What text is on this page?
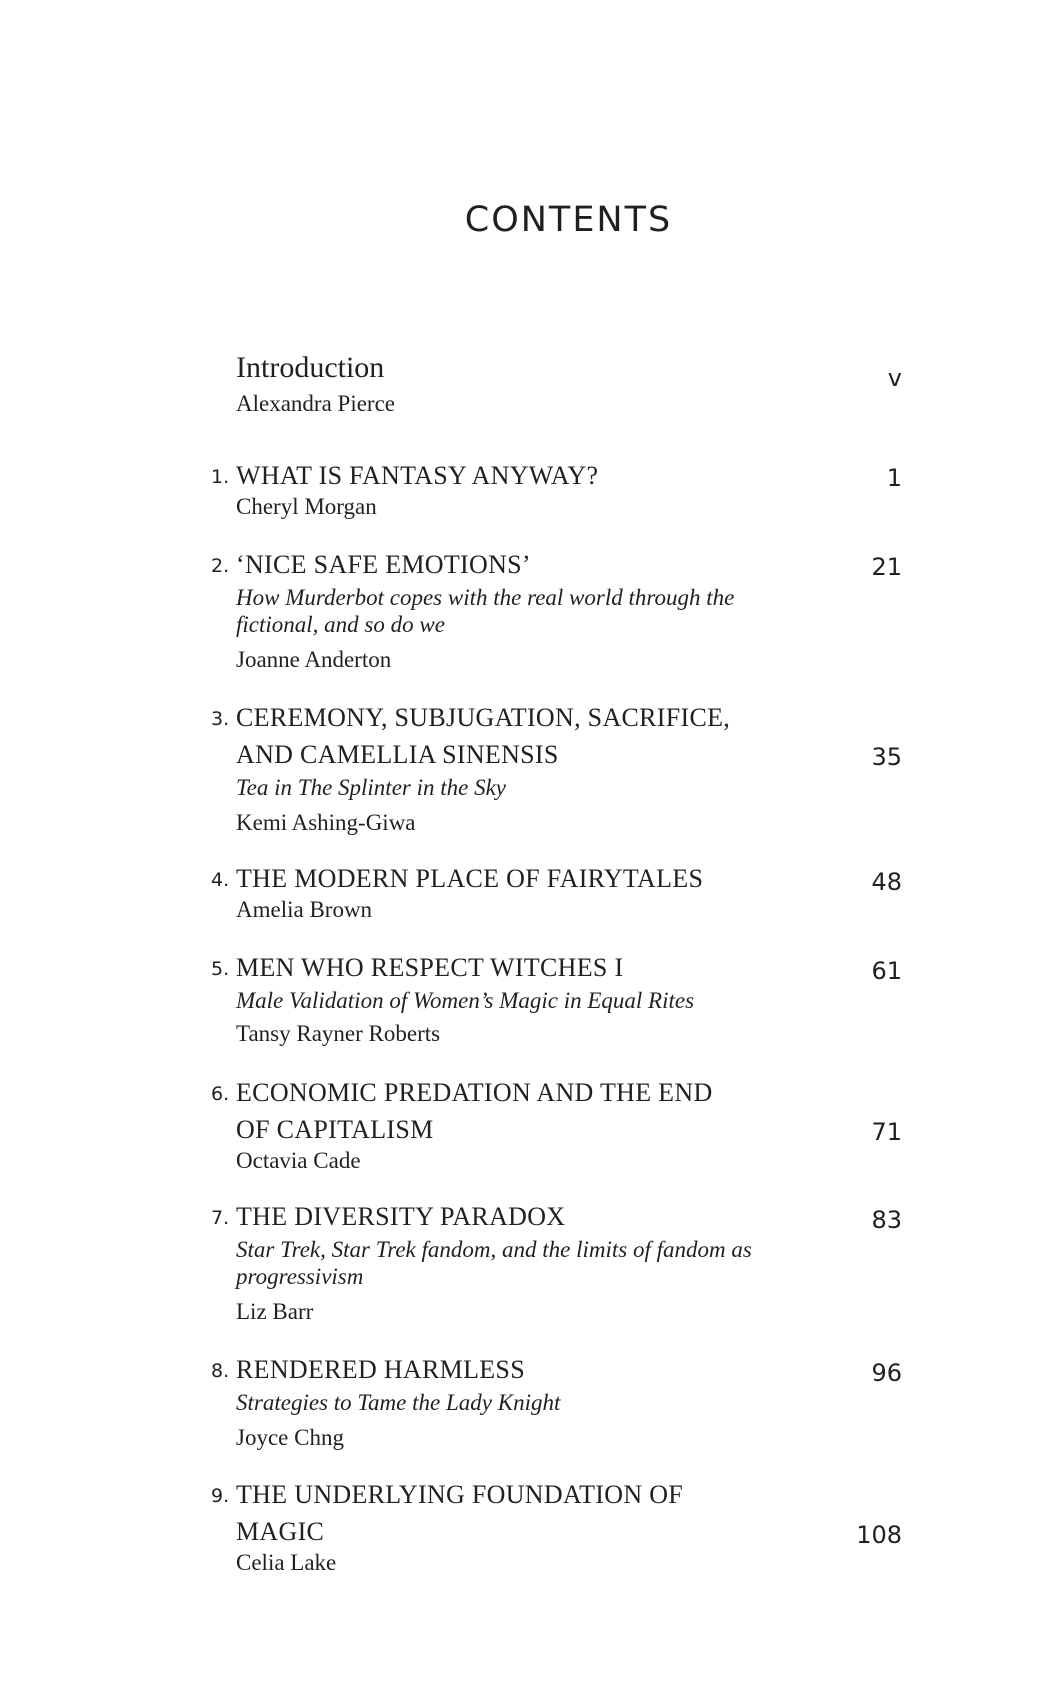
CONTENTS
Introduction
Alexandra Pierce
v
1. WHAT IS FANTASY ANYWAY?
Cheryl Morgan
1
2. ‘NICE SAFE EMOTIONS’
How Murderbot copes with the real world through the fictional, and so do we
Joanne Anderton
21
3. CEREMONY, SUBJUGATION, SACRIFICE,
AND CAMELLIA SINENSIS
Tea in The Splinter in the Sky
Kemi Ashing-Giwa
35
4. THE MODERN PLACE OF FAIRYTALES
Amelia Brown
48
5. MEN WHO RESPECT WITCHES I
Male Validation of Women’s Magic in Equal Rites
Tansy Rayner Roberts
61
6. ECONOMIC PREDATION AND THE END
OF CAPITALISM
Octavia Cade
71
7. THE DIVERSITY PARADOX
Star Trek, Star Trek fandom, and the limits of fandom as progressivism
Liz Barr
83
8. RENDERED HARMLESS
Strategies to Tame the Lady Knight
Joyce Chng
96
9. THE UNDERLYING FOUNDATION OF
MAGIC
Celia Lake
108
